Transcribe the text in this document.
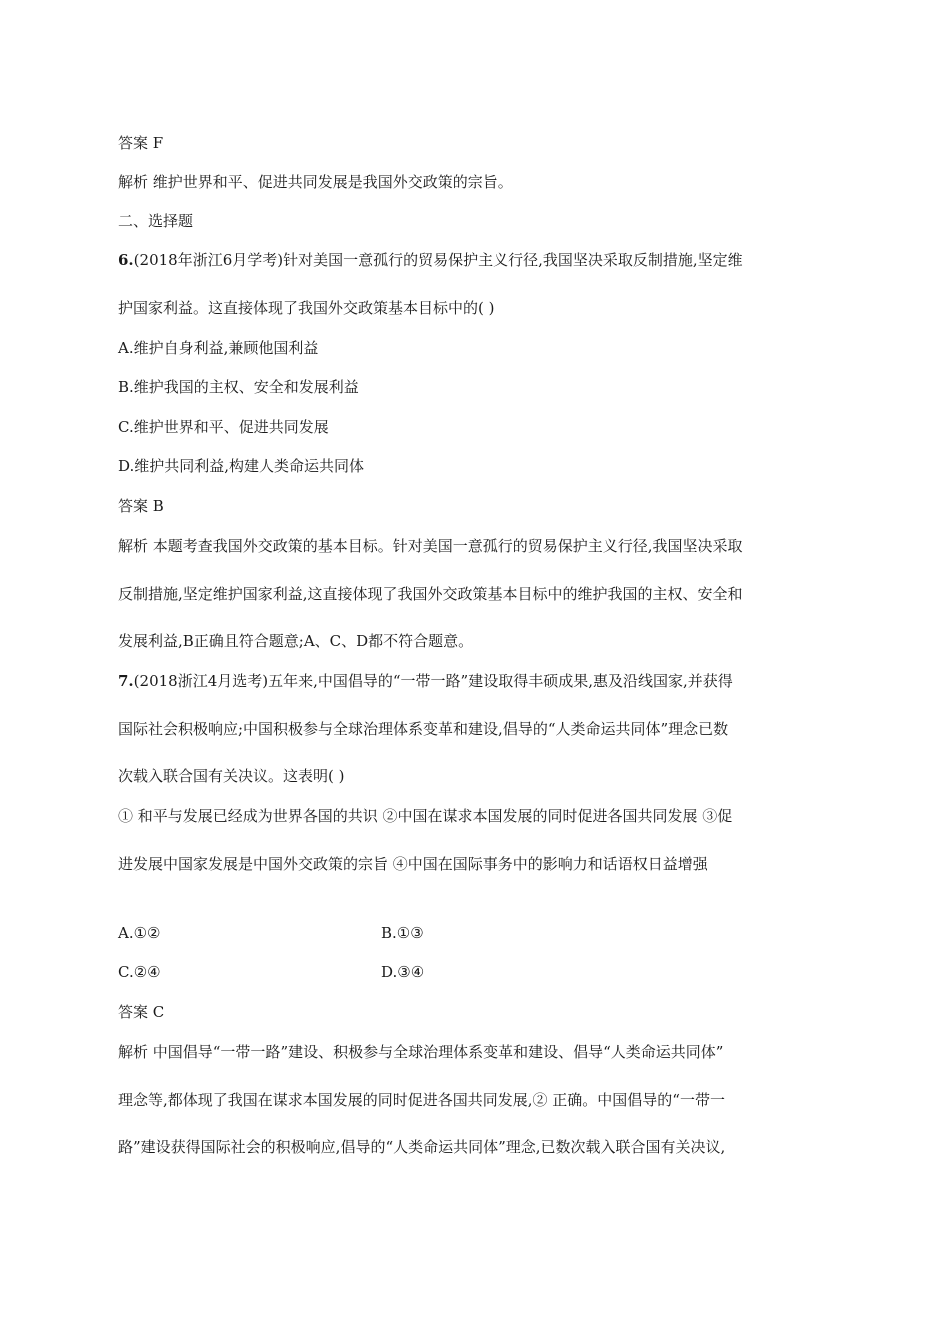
答案 F
解析 维护世界和平、促进共同发展是我国外交政策的宗旨。
二、选择题
6.(2018年浙江6月学考)针对美国一意孤行的贸易保护主义行径,我国坚决采取反制措施,坚定维
护国家利益。这直接体现了我国外交政策基本目标中的( )
A.维护自身利益,兼顾他国利益
B.维护我国的主权、安全和发展利益
C.维护世界和平、促进共同发展
D.维护共同利益,构建人类命运共同体
答案 B
解析 本题考查我国外交政策的基本目标。针对美国一意孤行的贸易保护主义行径,我国坚决采取
反制措施,坚定维护国家利益,这直接体现了我国外交政策基本目标中的维护我国的主权、安全和
发展利益,B正确且符合题意;A、C、D都不符合题意。
7.(2018浙江4月选考)五年来,中国倡导的“一带一路”建设取得丰硕成果,惠及沿线国家,并获得
国际社会积极响应;中国积极参与全球治理体系变革和建设,倡导的“人类命运共同体”理念已数
次载入联合国有关决议。这表明( )
① 和平与发展已经成为世界各国的共识 ②中国在谋求本国发展的同时促进各国共同发展 ③促
进发展中国家发展是中国外交政策的宗旨 ④中国在国际事务中的影响力和话语权日益增强
A.①②	B.①③
C.②④	D.③④
答案 C
解析 中国倡导“一带一路”建设、积极参与全球治理体系变革和建设、倡导“人类命运共同体”
理念等,都体现了我国在谋求本国发展的同时促进各国共同发展,② 正确。中国倡导的“一带一
路”建设获得国际社会的积极响应,倡导的“人类命运共同体”理念,已数次载入联合国有关决议,
